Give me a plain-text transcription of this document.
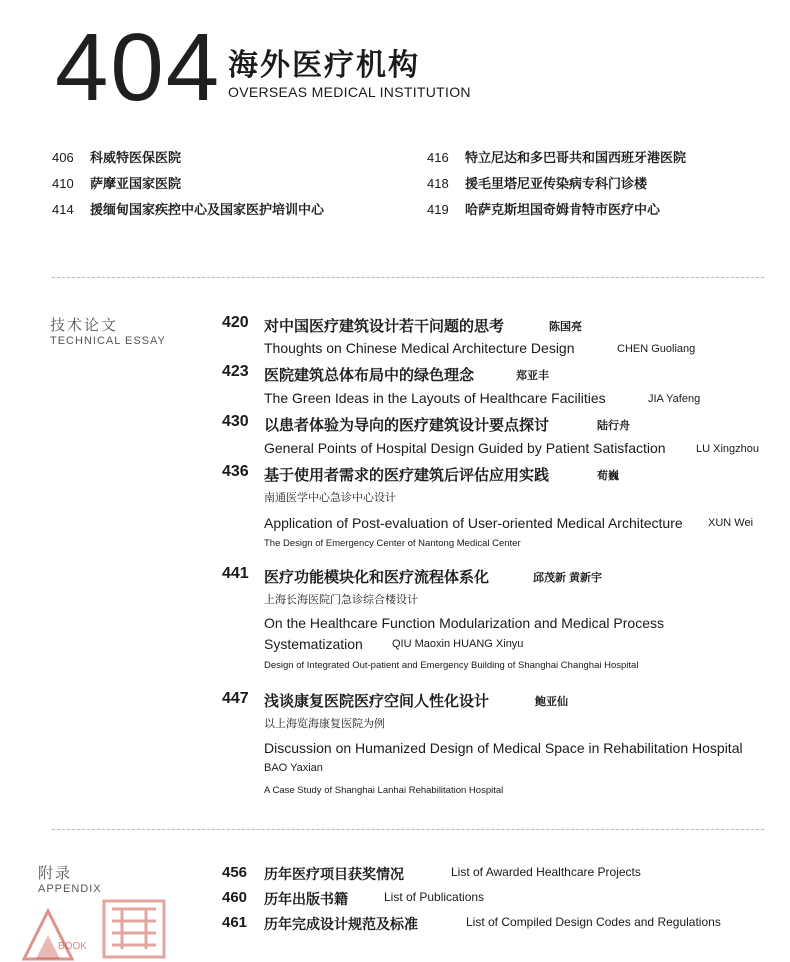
404 海外医疗机构
OVERSEAS MEDICAL INSTITUTION
406 科威特医保医院
410 萨摩亚国家医院
414 援缅甸国家疾控中心及国家医护培训中心
416 特立尼达和多巴哥共和国西班牙港医院
418 援毛里塔尼亚传染病专科门诊楼
419 哈萨克斯坦国奇姆肯特市医疗中心
技术论文
TECHNICAL ESSAY
420 对中国医疗建筑设计若干问题的思考	陈国亮
Thoughts on Chinese Medical Architecture Design	CHEN Guoliang
423 医院建筑总体布局中的绿色理念	郑亚丰
The Green Ideas in the Layouts of Healthcare Facilities	JIA Yafeng
430 以患者体验为导向的医疗建筑设计要点探讨	陆行舟
General Points of Hospital Design Guided by Patient Satisfaction	LU Xingzhou
436 基于使用者需求的医疗建筑后评估应用实践	荀巍
南通医学中心急诊中心设计
Application of Post-evaluation of User-oriented Medical Architecture XUN Wei
The Design of Emergency Center of Nantong Medical Center
441 医疗功能模块化和医疗流程体系化	邱茂新 黄新宇
上海长海医院门急诊综合楼设计
On the Healthcare Function Modularization and Medical Process
Systematization	QIU Maoxin HUANG Xinyu
Design of Integrated Out-patient and Emergency Building of Shanghai Changhai Hospital
447 浅谈康复医院医疗空间人性化设计	鲍亚仙
以上海览海康复医院为例
Discussion on Humanized Design of Medical Space in Rehabilitation Hospital
BAO Yaxian
A Case Study of Shanghai Lanhai Rehabilitation Hospital
附录
APPENDIX
456 历年医疗项目获奖情况	List of Awarded Healthcare Projects
460 历年出版书籍	List of Publications
461 历年完成设计规范及标准	List of Compiled Design Codes and Regulations
BOOK
